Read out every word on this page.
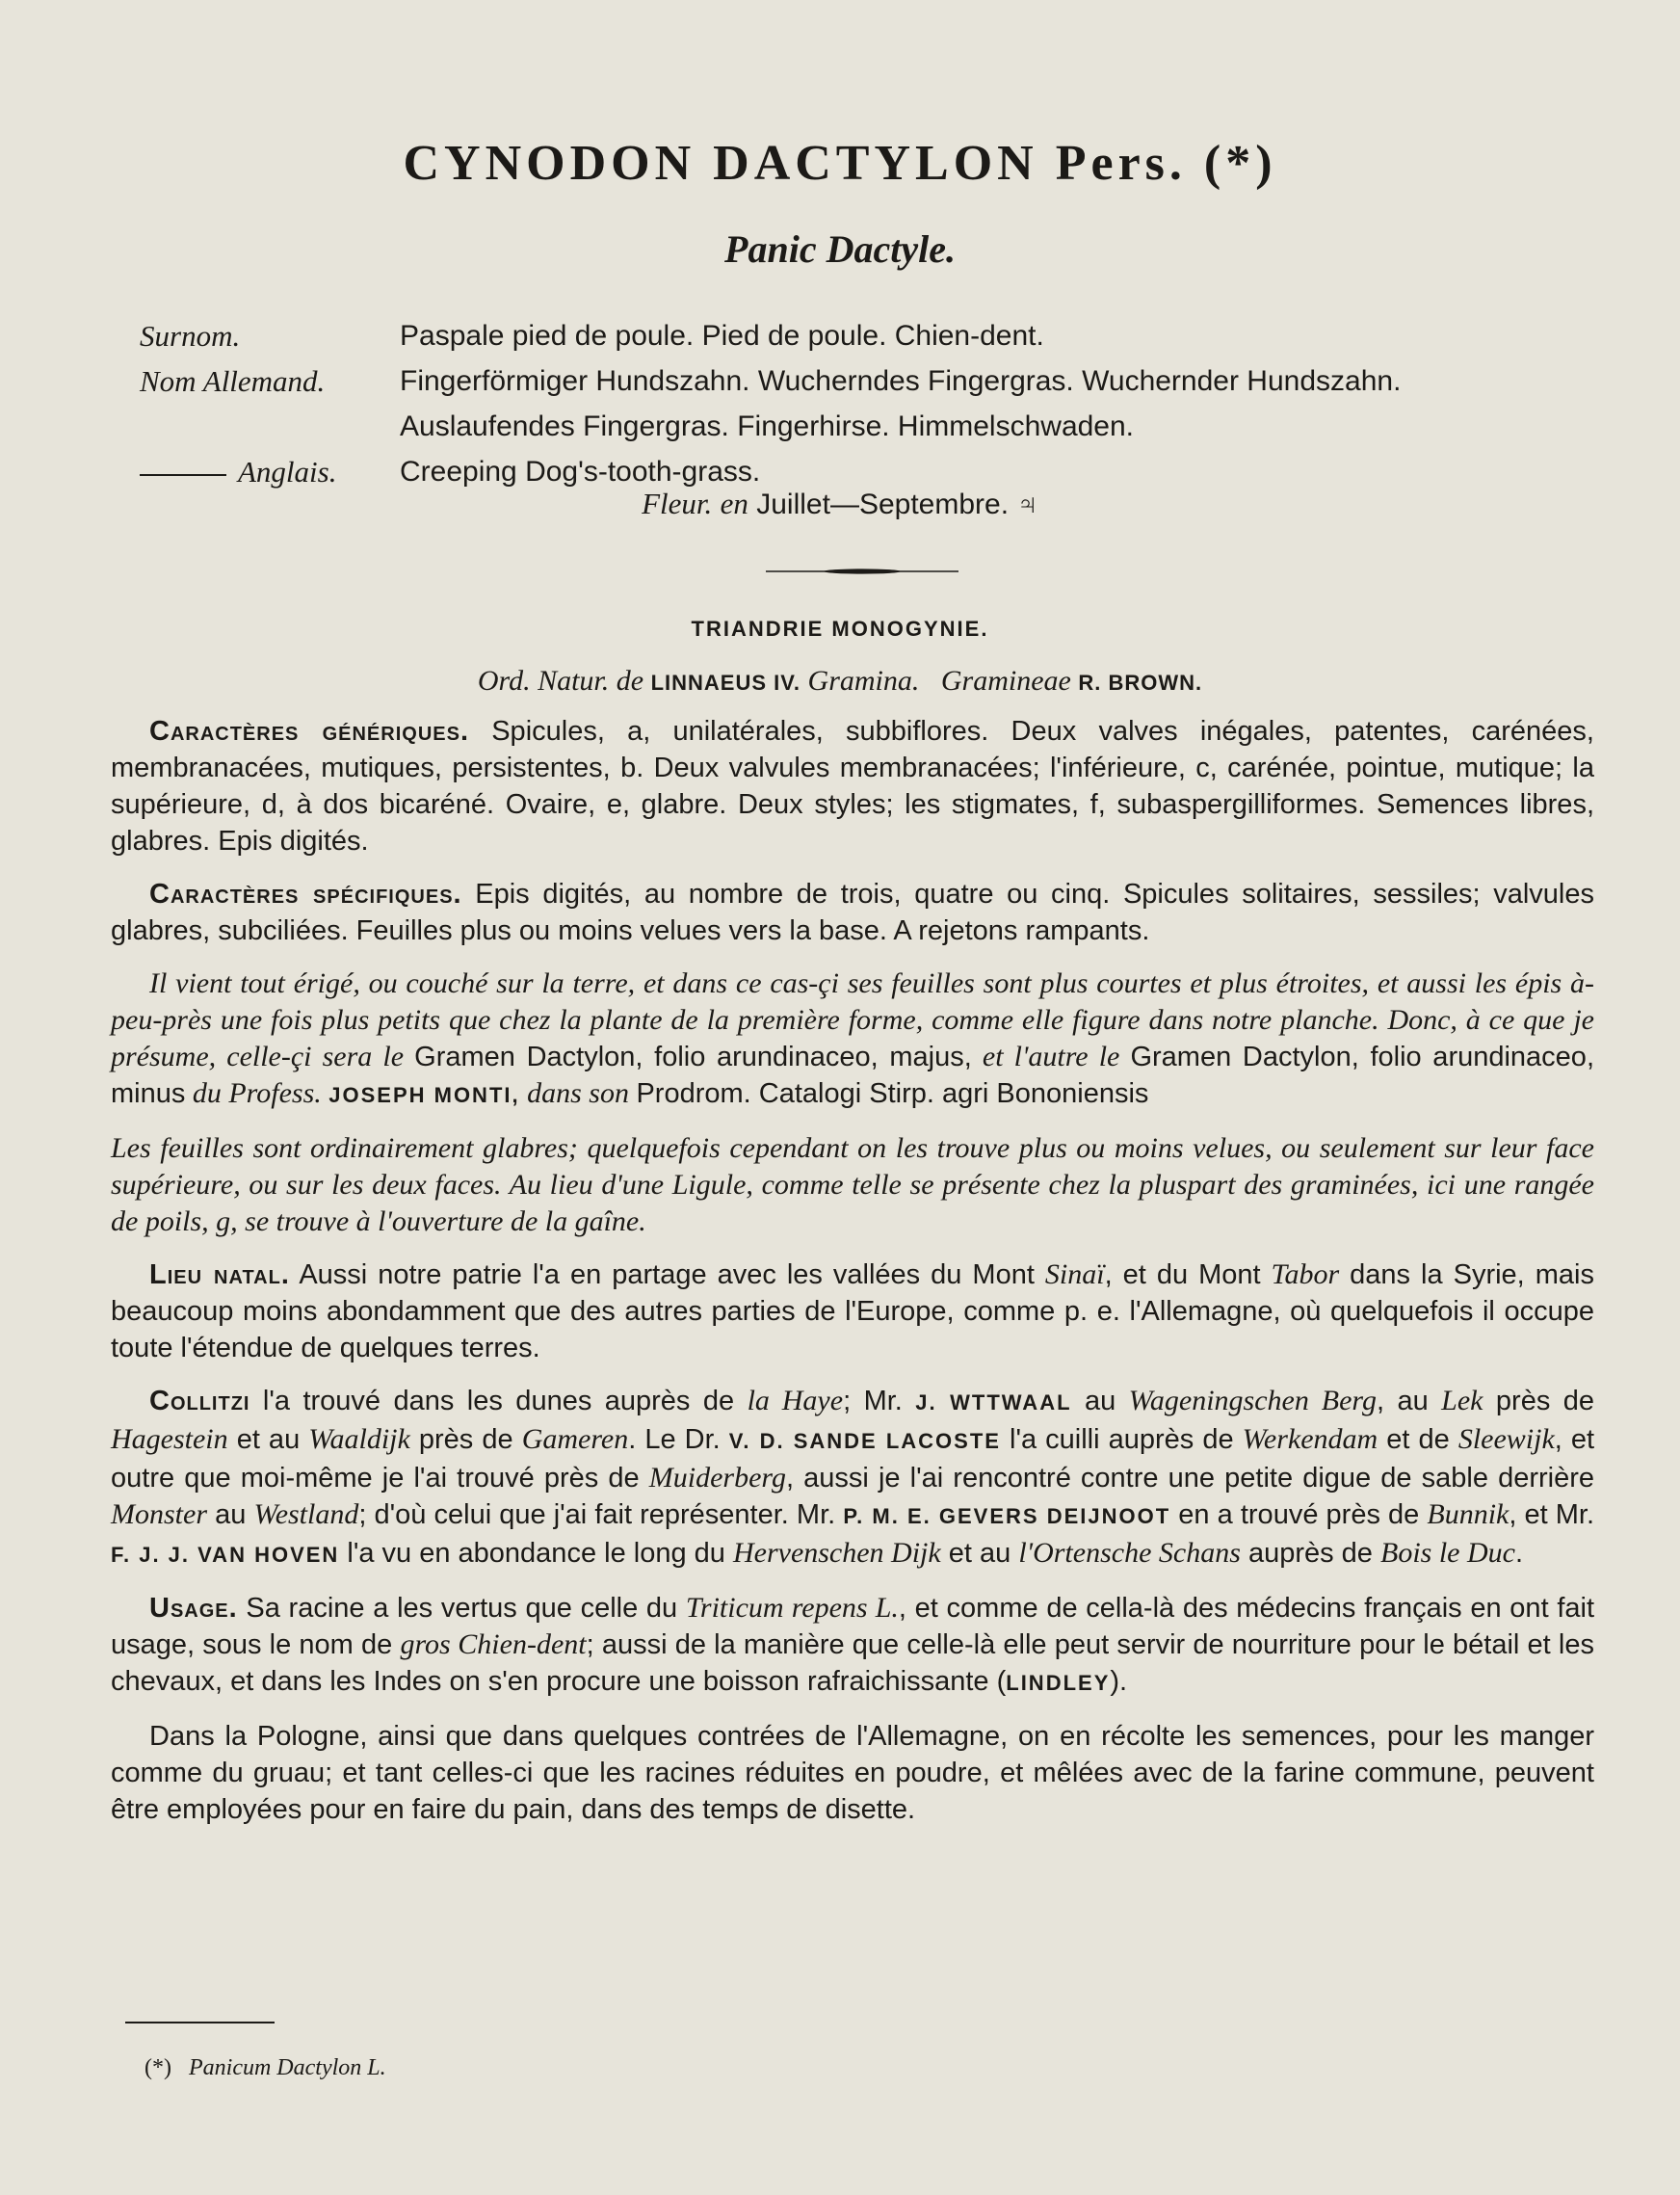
CYNODON DACTYLON Pers. (*)
Panic Dactyle.
Surnom.	Paspale pied de poule. Pied de poule. Chien-dent.
Nom Allemand.	Fingerförmiger Hundszahn. Wucherndes Fingergras. Wuchernder Hundszahn.
Auslaufendes Fingergras. Fingerhirse. Himmelschwaden.
Anglais.	Creeping Dog's-tooth-grass.
Fleur. en Juillet—Septembre. ♃
TRIANDRIE MONOGYNIE.
Ord. Natur. de LINNAEUS IV. Gramina. Gramineae R. BROWN.

Caractères génériques. Spicules, a, unilatérales, subbiflores. Deux valves inégales, patentes, carénées, membranacées, mutiques, persistentes, b. Deux valvules membranacées; l'inférieure, c, carénée, pointue, mutique; la supérieure, d, à dos bicaréné. Ovaire, e, glabre. Deux styles; les stigmates, f, subaspergilliformes. Semences libres, glabres. Epis digités.

Caractères spécifiques. Epis digités, au nombre de trois, quatre ou cinq. Spicules solitaires, sessiles; valvules glabres, subciliées. Feuilles plus ou moins velues vers la base. A rejetons rampants.

Il vient tout érigé, ou couché sur la terre, et dans ce cas-çi ses feuilles sont plus courtes et plus étroites, et aussi les épis à-peu-près une fois plus petits que chez la plante de la première forme, comme elle figure dans notre planche. Donc, à ce que je présume, celle-çi sera le Gramen Dactylon, folio arundinaceo, majus, et l'autre le Gramen Dactylon, folio arundinaceo, minus du Profess. JOSEPH MONTI, dans son Prodrom. Catalogi Stirp. agri Bononiensis

Les feuilles sont ordinairement glabres; quelquefois cependant on les trouve plus ou moins velues, ou seulement sur leur face supérieure, ou sur les deux faces. Au lieu d'une Ligule, comme telle se présente chez la pluspart des graminées, ici une rangée de poils, g, se trouve à l'ouverture de la gaîne.

Lieu natal. Aussi notre patrie l'a en partage avec les vallées du Mont Sinaï, et du Mont Tabor dans la Syrie, mais beaucoup moins abondamment que des autres parties de l'Europe, comme p. e. l'Allemagne, où quelquefois il occupe toute l'étendue de quelques terres.

Collitzi l'a trouvé dans les dunes auprès de la Haye; Mr. J. WTTWAAL au Wageningschen Berg, au Lek près de Hagestein et au Waaldijk près de Gameren. Le Dr. V. D. SANDE LACOSTE l'a cuilli auprès de Werkendam et de Sleewijk, et outre que moi-même je l'ai trouvé près de Muiderberg, aussi je l'ai rencontré contre une petite digue de sable derrière Monster au Westland; d'où celui que j'ai fait représenter. Mr. P. M. E. GEVERS DEIJNOOT en a trouvé près de Bunnik, et Mr. F. J. J. VAN HOVEN l'a vu en abondance le long du Hervenschen Dijk et au l'Ortensche Schans auprès de Bois le Duc.

Usage. Sa racine a les vertus que celle du Triticum repens L., et comme de cella-là des médecins français en ont fait usage, sous le nom de gros Chien-dent; aussi de la manière que celle-là elle peut servir de nourriture pour le bétail et les chevaux, et dans les Indes on s'en procure une boisson rafraichissante (LINDLEY).

Dans la Pologne, ainsi que dans quelques contrées de l'Allemagne, on en récolte les semences, pour les manger comme du gruau; et tant celles-ci que les racines réduites en poudre, et mêlées avec de la farine commune, peuvent être employées pour en faire du pain, dans des temps de disette.

(*) Panicum Dactylon L.
